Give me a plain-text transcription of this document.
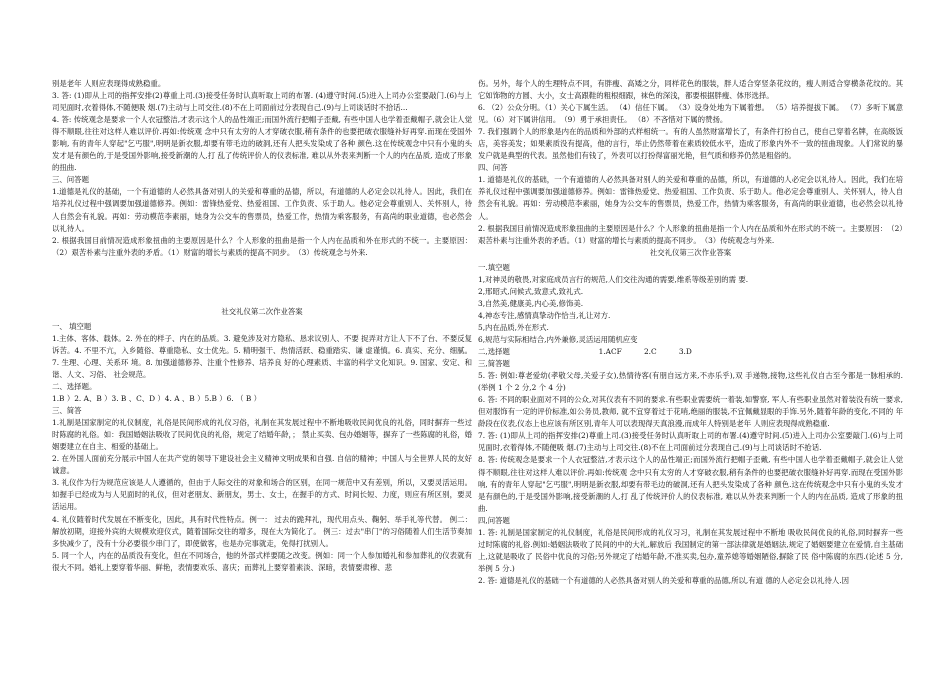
别是老年 人则应表现得成熟稳重。

3. 答: (1)即从上司的指挥安排(2)尊重上司.(3)接受任务时认真听取上司的布署. (4)遵守时间.(5)进入上司办公室要敲门.(6)与上司见面时,衣着得体,不随便吸 烟.(7)主动与上司交往.(8)不在上司面前过分表现自己.(9)与上司谈话时不拾话...

4. 答: 传统观念是要求一个人衣冠整洁,才表示这个人的品性端正;而国外流行把帽子歪戴, 有些中国人也学着歪戴帽子,就会让人觉得不顺眼,往往对这样人难以评价.再如:传统观 念中只有太穷的人才穿破衣服,稍有条件的也要把破衣服缝补好再穿.而现在受国外影响, 有的青年人穿起"乞丐服",明明是新衣服,却要有带毛边的破洞,还有人把头发染成了各种 颜色.这在传统观念中只有小鬼的头发才是有颜色的,于是受国外影响,接受新潮的人,打 乱了传统评价人的仪表标准, 难以从外表来判断一个人的内在品质, 造成了形象的扭曲.

三、问答题

1.道德是礼仪的基础，一个有道德的人必然具备对别人的关爱和尊重的品德，所以，有道德的人必定会以礼待人。因此，我们在培养礼仪过程中强调要加强道德修养。例如：雷锋热爱党、热爱祖国、工作负责、乐于助人。他必定会尊重别人、关怀别人，待人自然会有礼貌。再如：劳动模范李素丽，她身为公交车的售票员，热爱工作，热情为乘客服务，有高尚的职业道德，也必然会以礼待人。

2. 根据我国目前情况造成形象扭曲的主要原因是什么？个人形象的扭曲是指一个人内在品质和外在形式的不统一。主要原因：（2）艰苦朴素与注重外表的矛盾。（1）财富的增长与素质的提高不同步。　（3）传统观念与外来.

社交礼仪第二次作业答案

一、 填空题

1.主体、客体、载体。2. 外在的样子、内在的品质。3. 避免涉及对方隐私、恳求议别人、不要 捉弄对方让人下不了台、不要反复诉苦。4. 不里不亢，入乡随俗、尊重隐私、女士优先。5. 精明强干、热情活跃、稳重踏实、谦 虚谨慎。6. 真实、充分、细腻。7. 生理、心理、关系环 境。8. 加强道德修养、注重个性修养、培养良 好的心理素质、丰富的科学文化知识。9. 国家、安定、和谐、人文、习俗、 社会规范。

二、选择题。

1.B ）2. A、B ）3. B 、C、D ）4. A 、B ）5.B ）6. （ B ）

三、简答

1.礼制是国家制定的礼仪制度，礼俗是民间形成的礼仪习俗，礼制在其发展过程中不断地吸收民间优良的礼俗，同时摒弃一些过时陈腐的礼俗。如：我国婚姻法吸收了民间优良的礼俗，规定了结婚年龄，； 禁止买卖、包办婚姻等，摒弃了一些陈腐的礼俗，婚姻要建立在自主、相爱的基础上。

2. 在外国人面前充分展示中国人在共产党的领导下建设社会主义精神文明成果和自强. 自信的精神；中国人与全世界人民的友好诚意。

3. 礼仪作为行为规范应该是人人遵循的，但由于人际交往的对象和场合的区别，在同一规范中又有差别，所以，又要灵活运用。如握手已经成为与人见面时的礼仪，但对老朋友、新朋友，男士、女士，在握手的方式、时间长短、力度，则应有所区别，要灵活运用。

4. 礼仪随着时代发展在不断变化，因此，具有时代性特点。例一： 过去的跪拜礼，现代用点头、鞠躬、举手礼等代替。 例二：解放初期，迎接外宾的大规模欢迎仪式，随着国际交往的增多，现在大为简化了。 例三：过去"串门"的习俗随着人们生活节奏加多快减少了，没有十分必要很少串门了，即使做客，也是办完事就走，免得打扰别人。

5. 同一个人，内在的品质没有变化，但在不同场合，他的外部式样要随之改变。例如：同一个人参加婚礼和参加葬礼的仪表就有很大不同。婚礼上要穿着华丽、鲜艳，表情要欢乐、喜庆；而葬礼上要穿着素淡、深暗，表情要肃穆、悲

伤。另外，每个人的生理特点不同，有胖瘦、高矮之分，同样花色的服装，胖人适合穿竖条花纹的，瘦人则适合穿横条花纹的。其它如饰物的方圆、大小，女士高跟鞋的粗根细跟，袜色的深浅，都要根据胖瘦、体形选择。

6. （2）公众分明。（1）关心下属生活。 （4）信任下属。 （3）设身处地为下属着想。 （5）培养提拔下属。 （7）多听下属意见。（6）对下属讲信用。　（9）勇于承担责任。 （8）不吝惜对下属的赞扬。

7. 我们强调个人的形象是内在的品质和外部的式样相统一。有的人虽然财富增长了，有条件打扮自己，使自己穿着名牌，在高级饭店，美容美发；如果素质没有提高，他的言行，举止仍然带着在素质较低水平，造成了形象内外不一致的扭曲现象。人们常说的暴发户就是典型的代表。虽然他们有钱了，外表可以打扮得富丽光艳，但气质和修养仍然是粗俗的。

四、问答

1. 道德是礼仪的基础，一个有道德的人必然具备对别人的关爱和尊重的品德，所以，有道德的人必定会以礼待人。因此，我们在培养礼仪过程中强调要加强道德修养。例如：雷锋热爱党、热爱祖国、工作负责、乐于助人。他必定会尊重别人、关怀别人，待人自然会有礼貌。再如：劳动模范李素丽，她身为公交车的售票员，热爱工作，热情为乘客服务，有高尚的职业道德，也必然会以礼待人。

2. 根据我国目前情况造成形象扭曲的主要原因是什么？个人形象的扭曲是指一个人内在品质和外在形式的不统一。主要原因：　（2）艰苦朴素与注重外表的矛盾。（1）财富的增长与素质的提高不同步。　（3）传统观念与外来.

社交礼仪第三次作业答案

一.填空题

1,对神灵的敬畏,对家庭成员言行的规范,人们交往沟通的需要,维系等级差别的需 要.

2,邢昭式,问候式,致意式,致礼式.

3,自然美,健康美,内心美,修饰美.

4,神态专注,感情真挚动作恰当,礼让对方.

5,内在品质,外在形式.

6,规范与实际相结合,内外兼修,灵活运用随机应变

二,选择题　　　　　　　　　　　　1.ACF　　　2.C　　　3.D

三,简答题

5. 答: 例如:尊老爱幼(孝敬父母,关爱子女),热情待客(有朋自远方来,不亦乐乎),双 手递物,接物,这些礼仪自古至今都是一脉相承的.(举例 1 个 2 分,2 个 4 分)

6. 答: 不同的职业面对不同的公众,对其仪表有不同的要求.有些职业需要统一着装,如警察, 军人.有些职业虽然对着装没有统一要求,但对服饰有一定的评价标准,如公务员,教师, 就不宜穿着过于花哨,绝丽的服装,不宜佩戴显眼的手饰.另外,随着年龄的变化,不同的 年龄段在仪表,仪态上也应该有所区别,青年人可以表现得天真浪漫,而成年人特别是老年 人则应表现得成熟稳重.

7. 答: (1)即从上司的指挥安排(2)尊重上司.(3)接受任务时认真听取上司的布署.(4)遵守时间.(5)进入上司办公室要敲门.(6)与上司见面时,衣着得体,不随便吸 烟.(7)主动与上司交往.(8)不在上司面前过分表现自己.(9)与上司谈话时不抢话.

8. 答: 传统观念是要求一个人衣冠整洁,才表示这个人的品性端正;而国外流行把帽子歪戴, 有些中国人也学着歪戴帽子,就会让人觉得不顺眼,往往对这样人难以评价.再如:传统观 念中只有太穷的人才穿破衣服,稍有条件的也要把破衣服缝补好再穿.而现在受国外影响, 有的青年人穿起"乞丐服",明明是新衣服,却要有带毛边的破洞,还有人把头发染成了各种 颜色.这在传统观念中只有小鬼的头发才是有颜色的,于是受国外影响,接受新潮的人,打 乱了传统评价人的仪表标准, 难以从外表来判断一个人的内在品质, 造成了形象的扭曲.

四,问答题

1. 答: 礼制是国家制定的礼仪制度，礼俗是民间形成的礼仪习习，礼制在其发展过程中不断地 吸收民间优良的礼俗,同时摒弃一些过时陈腐的礼俗.例如:婚姻法吸收了民间的中的大礼,解放后 我国制定的第一部法律就是婚姻法,规定了婚姻要建立在爱情,自主基础上,这就是吸收了 民俗中优良的习俗;另外规定了结婚年龄,不准买卖,包办,童养媳等婚姻陋俗,摒除了民 俗中陈腐的东西.(论述 5 分,举例 5 分.)

2. 答: 道德是礼仪的基础一个有道德的人必然具备对别人的关爱和尊重的品德,所以,有道 德的人必定会以礼待人.因
